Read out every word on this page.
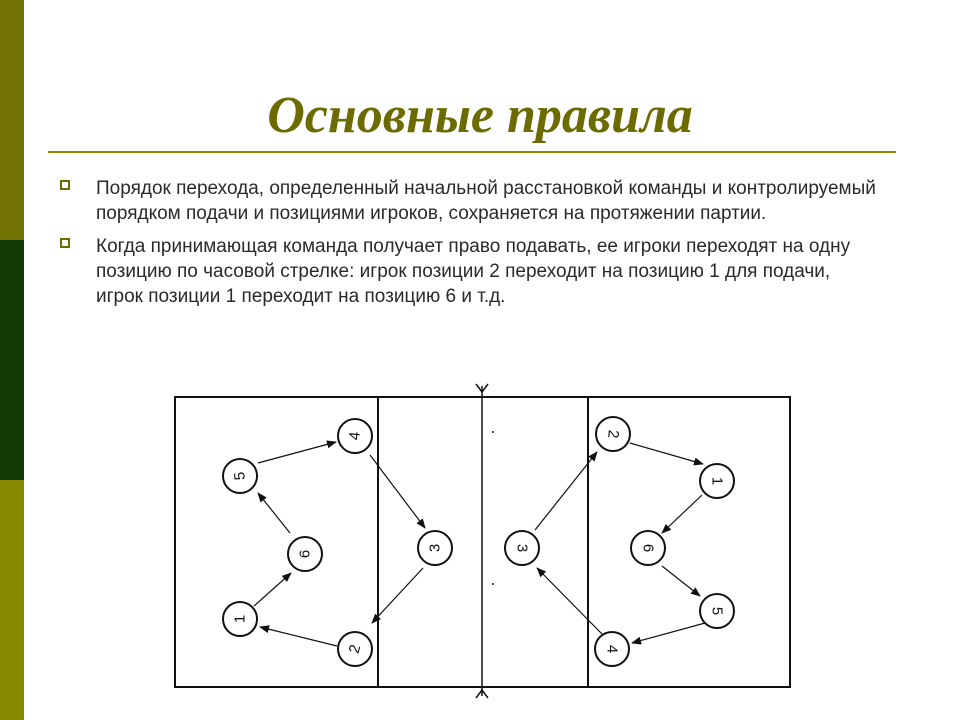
Основные правила
Порядок перехода, определенный начальной расстановкой команды и контролируемый порядком подачи и позициями игроков, сохраняется на протяжении партии.
Когда принимающая команда получает право подавать, ее игроки переходят на одну позицию по часовой стрелке: игрок позиции 2 переходит на позицию 1 для подачи, игрок позиции 1 переходит на позицию 6 и т.д.
5
4
6
3
1
2
2
1
3	6
4
5
